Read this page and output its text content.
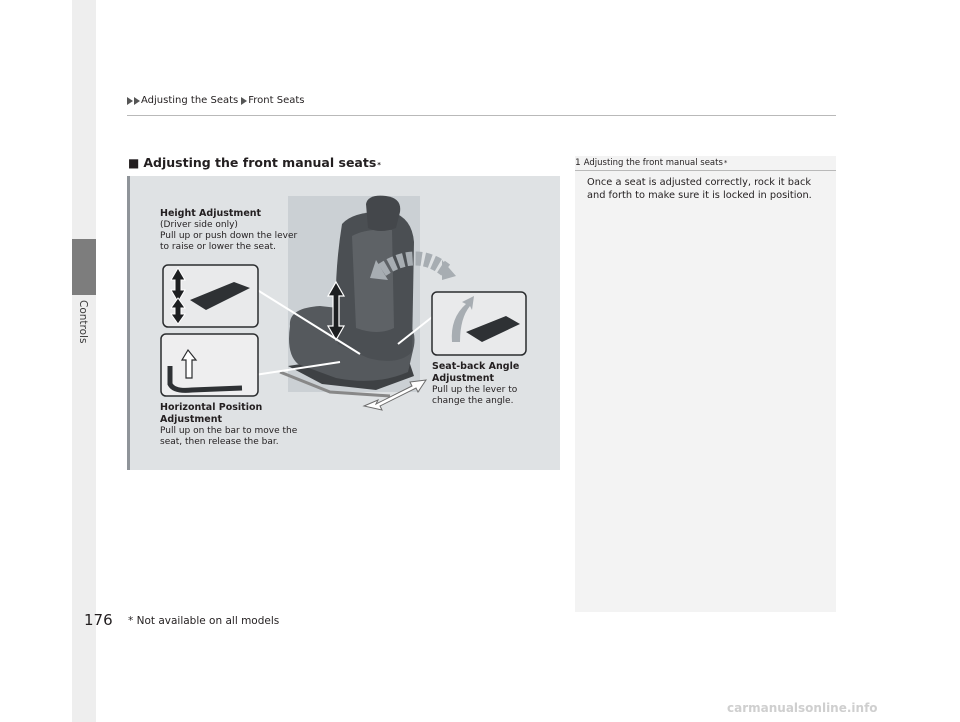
Controls
Adjusting the Seats Front Seats
■ Adjusting the front manual seats *
Height Adjustment
(Driver side only)
Pull up or push down the lever
to raise or lower the seat.
Horizontal Position
Adjustment
Pull up on the bar to move the
seat, then release the bar.
Seat-back Angle
Adjustment
Pull up the lever to
change the angle.
1 Adjusting the front manual seats *
Once a seat is adjusted correctly, rock it back and forth to make sure it is locked in position.
176 * Not available on all models
carmanualsonline.info
